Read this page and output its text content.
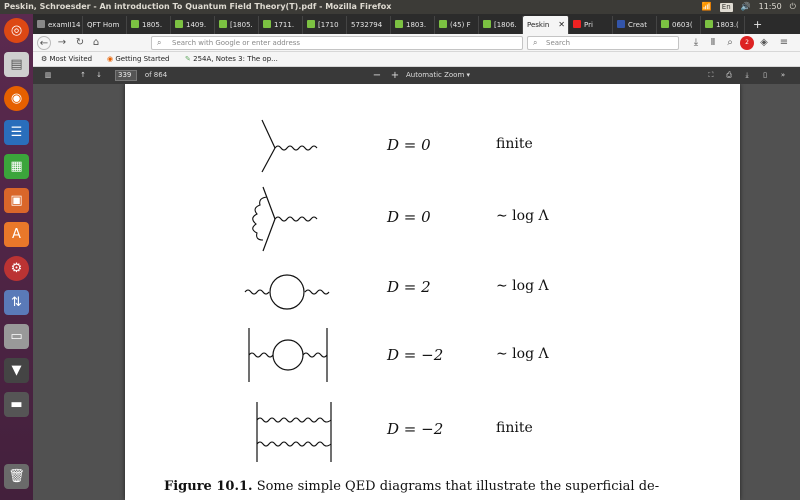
Peskin, Schroesder - An introduction To Quantum Field Theory(T).pdf - Mozilla Firefox	📶 En 🔊 11:50 ⏻
◎
▤
◉
☰
▦
▣
A
⚙
⇅
▭
▼
▬
🗑
examII14 QFT Hom	1805.	1409.	[1805.	1711.	[1710	5732794	1803.	(45) F	[1806.	Peskin ✕	Pri	Creat	0603(	1803.(	+
← → ↻ ⌂	⌕ Search with Google or enter address	⌕ Search	⤓	Ⅱ	⌕	2	◈	≡
⚙ Most Visited ◉ Getting Started ✎ 254A, Notes 3: The op...
▥	↑	↓	339	of 864	− + Automatic Zoom ▾	⛶	⎙	⤓	▯	»
D = 0	finite
D = 0	∼ log Λ
D = 2	∼ log Λ
D = −2	∼ log Λ
D = −2	finite
Figure 10.1. Some simple QED diagrams that illustrate the superficial de-
